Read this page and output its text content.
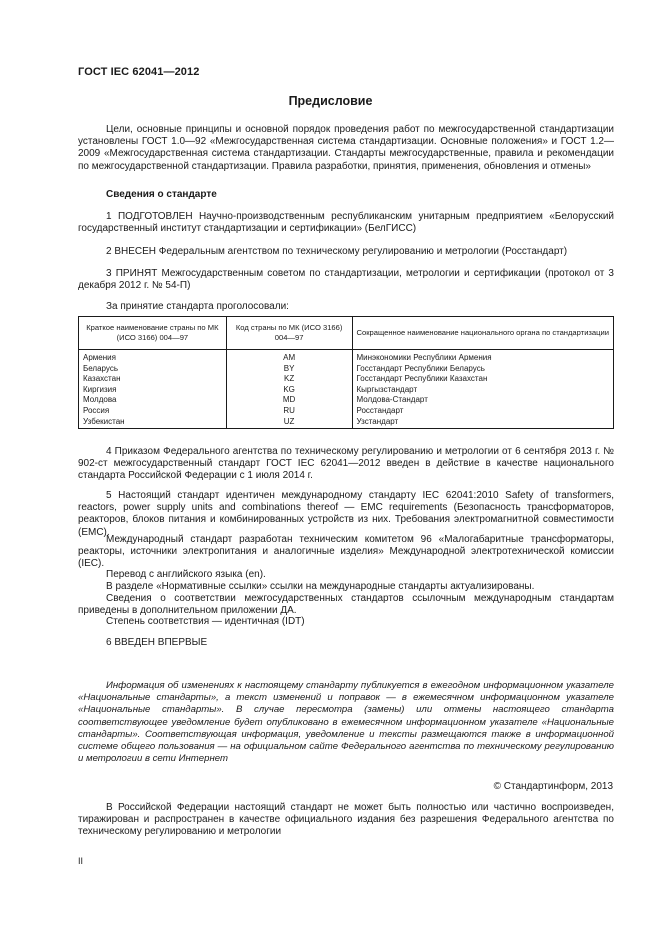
ГОСТ IEC 62041—2012
Предисловие
Цели, основные принципы и основной порядок проведения работ по межгосударственной стандартизации установлены ГОСТ 1.0—92 «Межгосударственная система стандартизации. Основные положения» и ГОСТ 1.2—2009 «Межгосударственная система стандартизации. Стандарты межгосударственные, правила и рекомендации по межгосударственной стандартизации. Правила разработки, принятия, применения, обновления и отмены»
Сведения о стандарте
1 ПОДГОТОВЛЕН Научно-производственным республиканским унитарным предприятием «Белорусский государственный институт стандартизации и сертификации» (БелГИСС)
2 ВНЕСЕН Федеральным агентством по техническому регулированию и метрологии (Росстандарт)
3 ПРИНЯТ Межгосударственным советом по стандартизации, метрологии и сертификации (протокол от 3 декабря 2012 г. № 54-П)
За принятие стандарта проголосовали:
Краткое наименование страны по МК (ИСО 3166) 004—97	Код страны по МК (ИСО 3166) 004—97	Сокращенное наименование национального органа по стандартизации
Армения	AM	Минэкономики Республики Армения
Беларусь	BY	Госстандарт Республики Беларусь
Казахстан	KZ	Госстандарт Республики Казахстан
Киргизия	KG	Кыргызстандарт
Молдова	MD	Молдова-Стандарт
Россия	RU	Росстандарт
Узбекистан	UZ	Узстандарт
4 Приказом Федерального агентства по техническому регулированию и метрологии от 6 сентября 2013 г. № 902-ст межгосударственный стандарт ГОСТ IEC 62041—2012 введен в действие в качестве национального стандарта Российской Федерации с 1 июля 2014 г.
5 Настоящий стандарт идентичен международному стандарту IEC 62041:2010 Safety of transformers, reactors, power supply units and combinations thereof — EMC requirements (Безопасность трансформаторов, реакторов, блоков питания и комбинированных устройств из них. Требования электромагнитной совместимости (EMC).
Международный стандарт разработан техническим комитетом 96 «Малогабаритные трансформаторы, реакторы, источники электропитания и аналогичные изделия» Международной электротехнической комиссии (IEC).
Перевод с английского языка (en).
В разделе «Нормативные ссылки» ссылки на международные стандарты актуализированы.
Сведения о соответствии межгосударственных стандартов ссылочным международным стандартам приведены в дополнительном приложении ДА.
Степень соответствия — идентичная (IDT)
6 ВВЕДЕН ВПЕРВЫЕ
Информация об изменениях к настоящему стандарту публикуется в ежегодном информационном указателе «Национальные стандарты», а текст изменений и поправок — в ежемесячном информационном указателе «Национальные стандарты». В случае пересмотра (замены) или отмены настоящего стандарта соответствующее уведомление будет опубликовано в ежемесячном информационном указателе «Национальные стандарты». Соответствующая информация, уведомление и тексты размещаются также в информационной системе общего пользования — на официальном сайте Федерального агентства по техническому регулированию и метрологии в сети Интернет
© Стандартинформ, 2013
В Российской Федерации настоящий стандарт не может быть полностью или частично воспроизведен, тиражирован и распространен в качестве официального издания без разрешения Федерального агентства по техническому регулированию и метрологии
II
